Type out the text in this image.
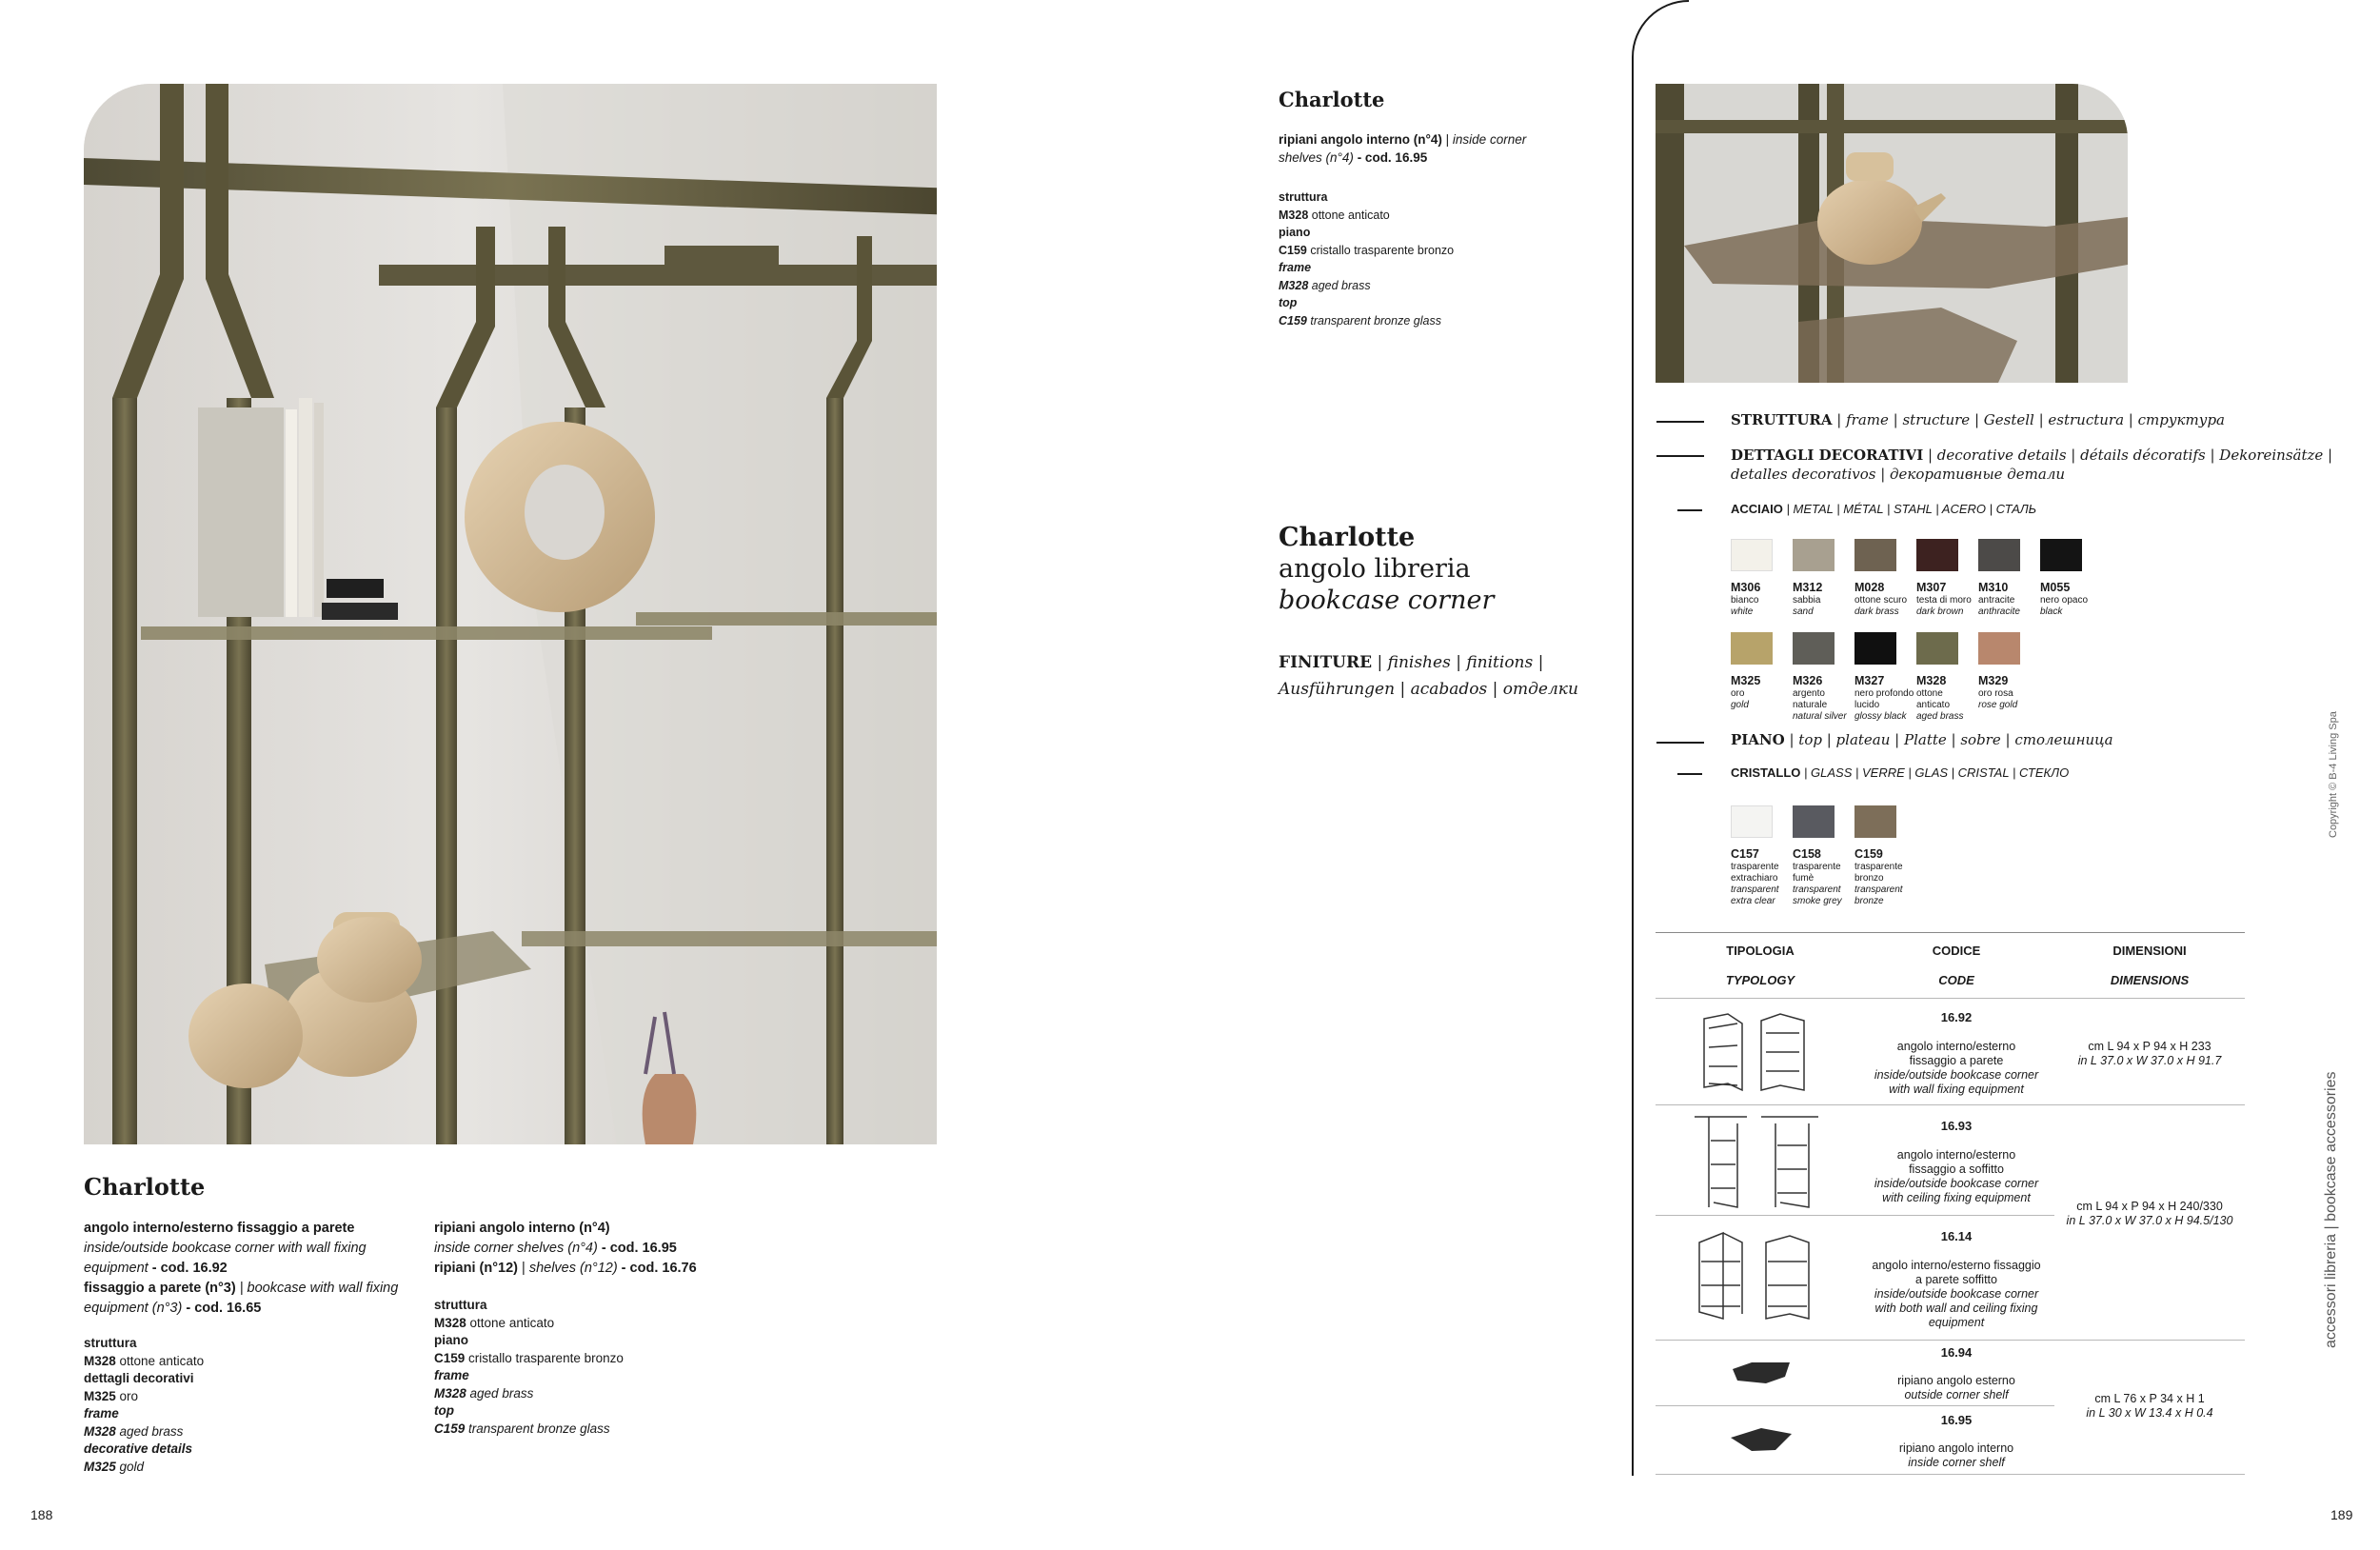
Charlotte
angolo interno/esterno fissaggio a parete
inside/outside bookcase corner with wall fixing
equipment - cod. 16.92
fissaggio a parete (n°3) | bookcase with wall fixing
equipment (n°3) - cod. 16.65
struttura
M328 ottone anticato
dettagli decorativi
M325 oro
frame
M328 aged brass
decorative details
M325 gold
ripiani angolo interno (n°4)
inside corner shelves (n°4) - cod. 16.95
ripiani (n°12) | shelves (n°12) - cod. 16.76
struttura
M328 ottone anticato
piano
C159 cristallo trasparente bronzo
frame
M328 aged brass
top
C159 transparent bronze glass
188
Charlotte
ripiani angolo interno (n°4) | inside corner
shelves (n°4) - cod. 16.95
struttura
M328 ottone anticato
piano
C159 cristallo trasparente bronzo
frame
M328 aged brass
top
C159 transparent bronze glass
Charlotte
angolo libreria
bookcase corner
FINITURE | finishes | finitions |
Ausführungen | acabados | отделки
STRUTTURA | frame | structure | Gestell | estructura | структура
DETTAGLI DECORATIVI | decorative details | détails décoratifs | Dekoreinsätze |
detalles decorativos | декоративные детали
ACCIAIO | METAL | MÉTAL | STAHL | ACERO | СТАЛЬ
M306
bianco
white
M312
sabbia
sand
M028
ottone scuro
dark brass
M307
testa di moro
dark brown
M310
antracite
anthracite
M055
nero opaco
black
M325
oro
gold
M326
argento
naturale
natural silver
M327
nero profondo
lucido
glossy black
M328
ottone
anticato
aged brass
M329
oro rosa
rose gold
PIANO | top | plateau | Platte | sobre | столешница
CRISTALLO | GLASS | VERRE | GLAS | CRISTAL | СТЕКЛО
C157
trasparente
extrachiaro
transparent
extra clear
C158
trasparente
fumè
transparent
smoke grey
C159
trasparente
bronzo
transparent
bronze
TIPOLOGIA
TYPOLOGY
CODICE
CODE
DIMENSIONI
DIMENSIONS
16.92
angolo interno/esterno
fissaggio a parete
inside/outside bookcase corner
with wall fixing equipment
cm L 94 x P 94 x H 233
in L 37.0 x W 37.0 x H 91.7
16.93
angolo interno/esterno
fissaggio a soffitto
inside/outside bookcase corner
with ceiling fixing equipment
cm L 94 x P 94 x H 240/330
in L 37.0 x W 37.0 x H 94.5/130
16.14
angolo interno/esterno fissaggio
a parete soffitto
inside/outside bookcase corner
with both wall and ceiling fixing
equipment
16.94
ripiano angolo esterno
outside corner shelf	cm L 76 x P 34 x H 1
in L 30 x W 13.4 x H 0.4
16.95
ripiano angolo interno
inside corner shelf
Copyright © B-4 Living Spa
accessori libreria | bookcase accessories
189
